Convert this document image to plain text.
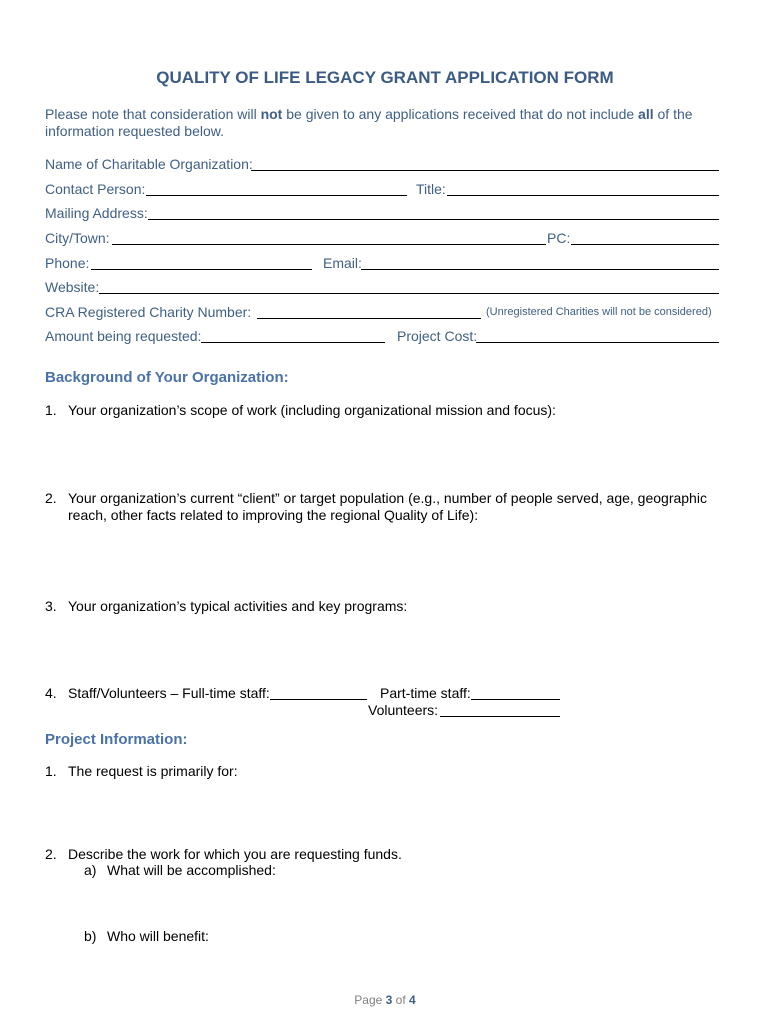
QUALITY OF LIFE LEGACY GRANT APPLICATION FORM
Please note that consideration will not be given to any applications received that do not include all of the information requested below.
Name of Charitable Organization:
Contact Person:	Title:
Mailing Address:
City/Town:	PC:
Phone:	Email:
Website:
CRA Registered Charity Number:	(Unregistered Charities will not be considered)
Amount being requested:	Project Cost:
Background of Your Organization:
1. Your organization’s scope of work (including organizational mission and focus):
2. Your organization’s current “client” or target population (e.g., number of people served, age, geographic
reach, other facts related to improving the regional Quality of Life):
3. Your organization’s typical activities and key programs:
4. Staff/Volunteers – Full-time staff:	Part-time staff:
Volunteers:
Project Information:
1. The request is primarily for:
2. Describe the work for which you are requesting funds.
a) What will be accomplished:
b) Who will benefit:
Page 3 of 4
